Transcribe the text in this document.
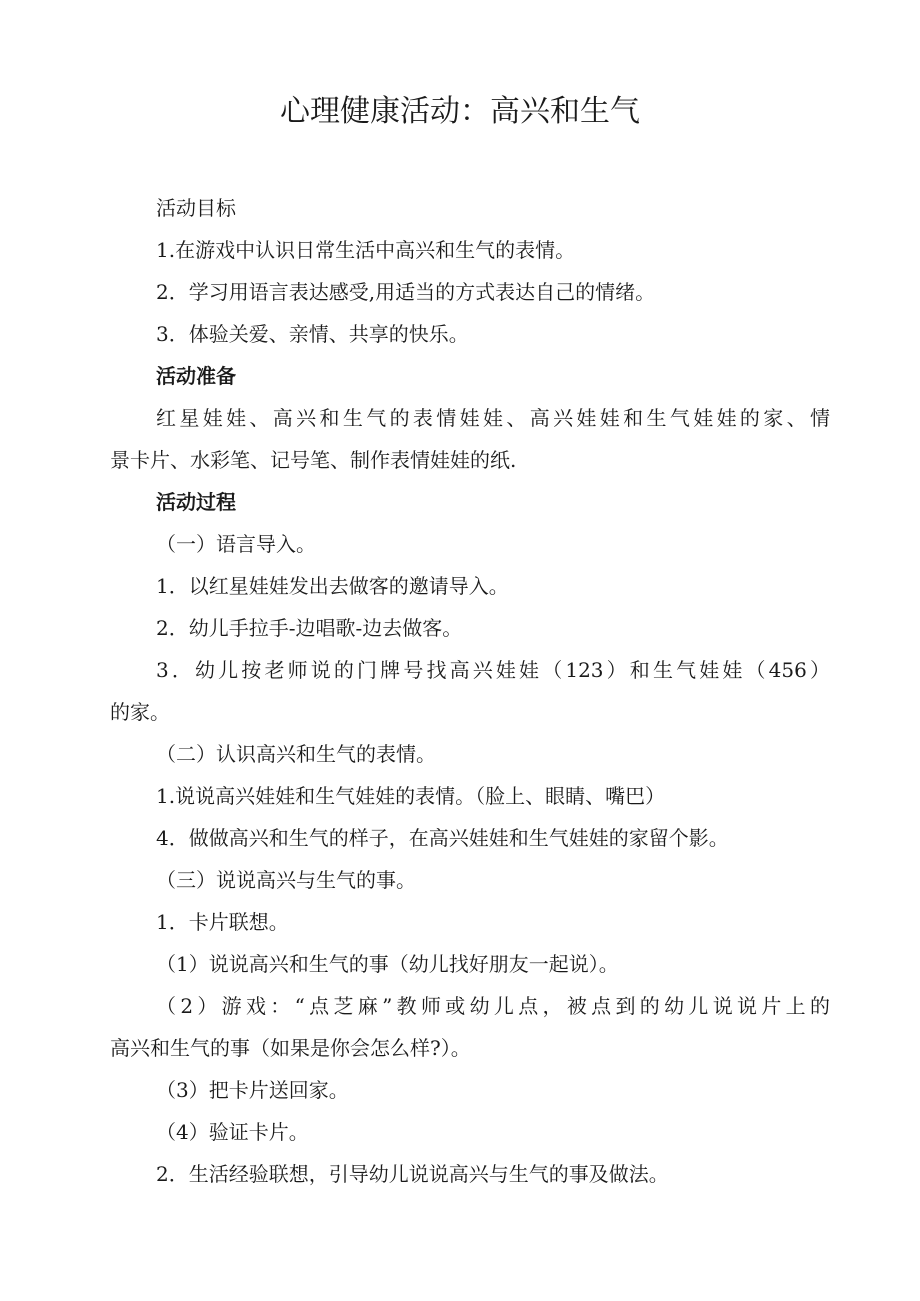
心理健康活动：高兴和生气
活动目标
1.在游戏中认识日常生活中高兴和生气的表情。
2．学习用语言表达感受,用适当的方式表达自己的情绪。
3．体验关爱、亲情、共享的快乐。
活动准备
红星娃娃、高兴和生气的表情娃娃、高兴娃娃和生气娃娃的家、情
景卡片、水彩笔、记号笔、制作表情娃娃的纸.
活动过程
（一）语言导入。
1．以红星娃娃发出去做客的邀请导入。
2．幼儿手拉手-边唱歌-边去做客。
3．幼儿按老师说的门牌号找高兴娃娃（123）和生气娃娃（456）
的家。
（二）认识高兴和生气的表情。
1.说说高兴娃娃和生气娃娃的表情。（脸上、眼睛、嘴巴）
4．做做高兴和生气的样子，在高兴娃娃和生气娃娃的家留个影。
（三）说说高兴与生气的事。
1．卡片联想。
（1）说说高兴和生气的事（幼儿找好朋友一起说）。
（2）游戏：“点芝麻”教师或幼儿点，被点到的幼儿说说片上的
高兴和生气的事（如果是你会怎么样?）。
（3）把卡片送回家。
（4）验证卡片。
2．生活经验联想，引导幼儿说说高兴与生气的事及做法。
